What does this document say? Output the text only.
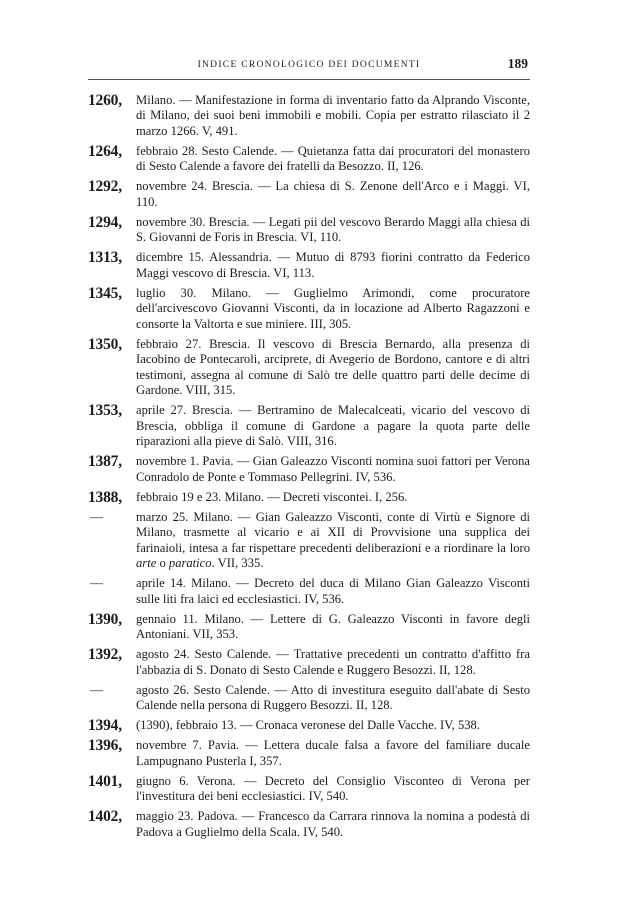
INDICE CRONOLOGICO DEI DOCUMENTI	189
1260, Milano. — Manifestazione in forma di inventario fatto da Alprando Visconte, di Milano, dei suoi beni immobili e mobili. Copia per estratto rilasciato il 2 marzo 1266. V, 491.
1264, febbraio 28. Sesto Calende. — Quietanza fatta dai procuratori del monastero di Sesto Calende a favore dei fratelli da Besozzo. II, 126.
1292, novembre 24. Brescia. — La chiesa di S. Zenone dell'Arco e i Maggi. VI, 110.
1294, novembre 30. Brescia. — Legati pii del vescovo Berardo Maggi alla chiesa di S. Giovanni de Foris in Brescia. VI, 110.
1313, dicembre 15. Alessandria. — Mutuo di 8793 fiorini contratto da Federico Maggi vescovo di Brescia. VI, 113.
1345, luglio 30. Milano. — Guglielmo Arimondi, come procuratore dell'arcivescovo Giovanni Visconti, da in locazione ad Alberto Ragazzoni e consorte la Valtorta e sue miniere. III, 305.
1350, febbraio 27. Brescia. Il vescovo di Brescia Bernardo, alla presenza di Iacobino de Pontecaroli, arciprete, di Avegerio de Bordono, cantore e di altri testimoni, assegna al comune di Salò tre delle quattro parti delle decime di Gardone. VIII, 315.
1353, aprile 27. Brescia. — Bertramino de Malecalceati, vicario del vescovo di Brescia, obbliga il comune di Gardone a pagare la quota parte delle riparazioni alla pieve di Salò. VIII, 316.
1387, novembre 1. Pavia. — Gian Galeazzo Visconti nomina suoi fattori per Verona Conradolo de Ponte e Tommaso Pellegrini. IV, 536.
1388, febbraio 19 e 23. Milano. — Decreti viscontei. I, 256.
—	marzo 25. Milano. — Gian Galeazzo Visconti, conte di Virtù e Signore di Milano, trasmette al vicario e ai XII di Provvisione una supplica dei farinaioli, intesa a far rispettare precedenti deliberazioni e a riordinare la loro arte o paratico. VII, 335.
—	aprile 14. Milano. — Decreto del duca di Milano Gian Galeazzo Visconti sulle liti fra laici ed ecclesiastici. IV, 536.
1390, gennaio 11. Milano. — Lettere di G. Galeazzo Visconti in favore degli Antoniani. VII, 353.
1392, agosto 24. Sesto Calende. — Trattative precedenti un contratto d'affitto fra l'abbazia di S. Donato di Sesto Calende e Ruggero Besozzi. II, 128.
—	agosto 26. Sesto Calende. — Atto di investitura eseguito dall'abate di Sesto Calende nella persona di Ruggero Besozzi. II, 128.
1394, (1390), febbraio 13. — Cronaca veronese del Dalle Vacche. IV, 538.
1396, novembre 7. Pavia. — Lettera ducale falsa a favore del familiare ducale Lampugnano Pusterla I, 357.
1401, giugno 6. Verona. — Decreto del Consiglio Visconteo di Verona per l'investitura dei beni ecclesiastici. IV, 540.
1402, maggio 23. Padova. — Francesco da Carrara rinnova la nomina a podestà di Padova a Guglielmo della Scala. IV, 540.
